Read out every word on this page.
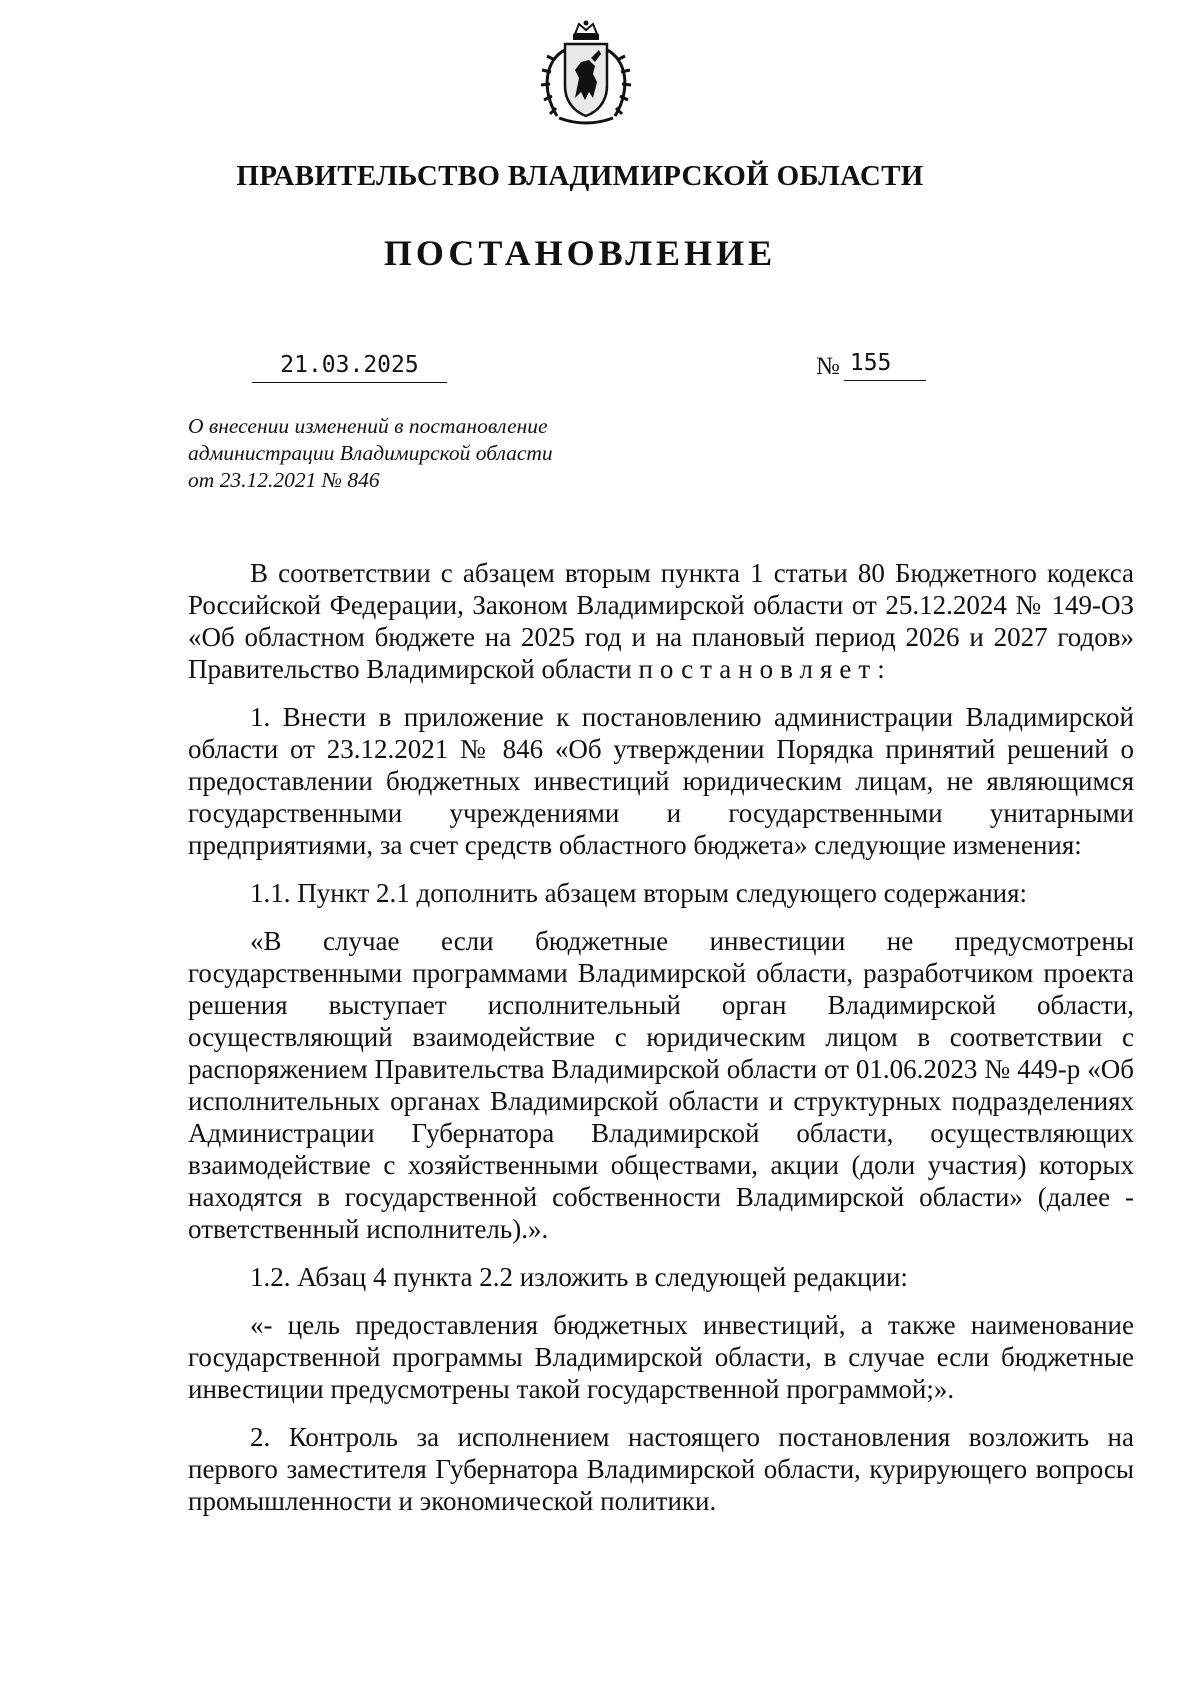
ПРАВИТЕЛЬСТВО ВЛАДИМИРСКОЙ ОБЛАСТИ
ПОСТАНОВЛЕНИЕ
21.03.2025	№ 155
О внесении изменений в постановление
администрации Владимирской области
от 23.12.2021 № 846

В соответствии с абзацем вторым пункта 1 статьи 80 Бюджетного кодекса Российской Федерации, Законом Владимирской области от 25.12.2024 № 149-ОЗ «Об областном бюджете на 2025 год и на плановый период 2026 и 2027 годов» Правительство Владимирской области постановляет:

1. Внести в приложение к постановлению администрации Владимирской области от 23.12.2021 № 846 «Об утверждении Порядка принятий решений о предоставлении бюджетных инвестиций юридическим лицам, не являющимся государственными учреждениями и государственными унитарными предприятиями, за счет средств областного бюджета» следующие изменения:

1.1. Пункт 2.1 дополнить абзацем вторым следующего содержания:

«В случае если бюджетные инвестиции не предусмотрены государственными программами Владимирской области, разработчиком проекта решения выступает исполнительный орган Владимирской области, осуществляющий взаимодействие с юридическим лицом в соответствии с распоряжением Правительства Владимирской области от 01.06.2023 № 449-р «Об исполнительных органах Владимирской области и структурных подразделениях Администрации Губернатора Владимирской области, осуществляющих взаимодействие с хозяйственными обществами, акции (доли участия) которых находятся в государственной собственности Владимирской области» (далее - ответственный исполнитель).».

1.2. Абзац 4 пункта 2.2 изложить в следующей редакции:

«- цель предоставления бюджетных инвестиций, а также наименование государственной программы Владимирской области, в случае если бюджетные инвестиции предусмотрены такой государственной программой;».

2. Контроль за исполнением настоящего постановления возложить на первого заместителя Губернатора Владимирской области, курирующего вопросы промышленности и экономической политики.
